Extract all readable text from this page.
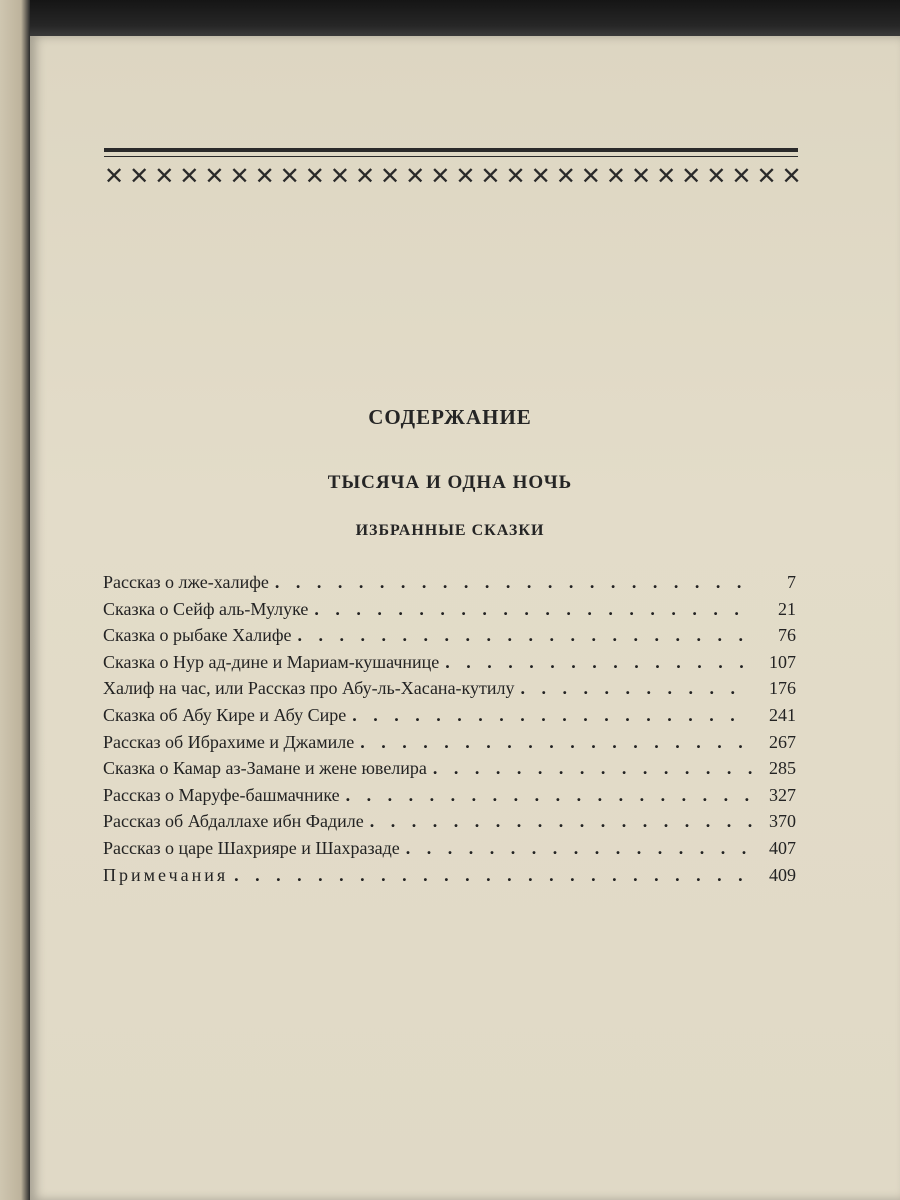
✕ ✕ ✕ ✕ ✕ ✕ ✕ ✕ ✕ ✕ ✕ ✕ ✕ ✕ ✕ ✕ ✕ ✕ ✕ ✕ ✕ ✕ ✕ ✕ ✕ ✕ ✕ ✕
СОДЕРЖАНИЕ
ТЫСЯЧА И ОДНА НОЧЬ
ИЗБРАННЫЕ СКАЗКИ
Рассказ о лже-халифе . . .	7
Сказка о Сейф аль-Мулуке . . .	21
Сказка о рыбаке Халифе . . .	76
Сказка о Нур ад-дине и Мариам-кушачнице . . .	107
Халиф на час, или Рассказ про Абу-ль-Хасана-кутилу . . .	176
Сказка об Абу Кире и Абу Сире . . .	241
Рассказ об Ибрахиме и Джамиле . . .	267
Сказка о Камар аз-Замане и жене ювелира . . .	285
Рассказ о Маруфе-башмачнике . . .	327
Рассказ об Абдаллахе ибн Фадиле . . .	370
Рассказ о царе Шахрияре и Шахразаде . . .	407
Примечания . . .	409
